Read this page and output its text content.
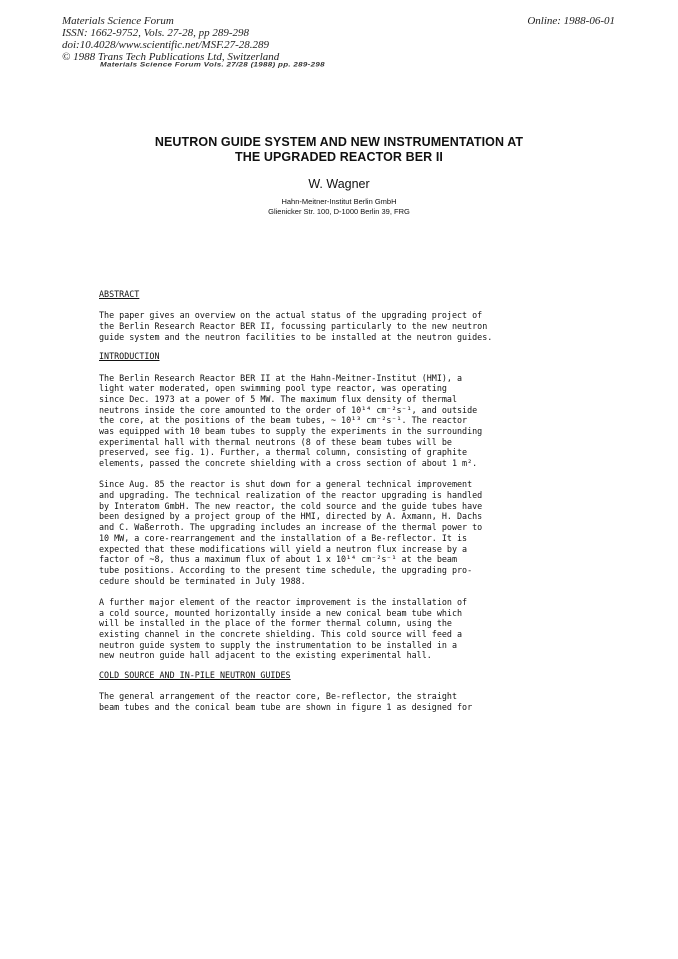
Materials Science Forum
ISSN: 1662-9752, Vols. 27-28, pp 289-298
doi:10.4028/www.scientific.net/MSF.27-28.289
© 1988 Trans Tech Publications Ltd, Switzerland
Online: 1988-06-01
Materials Science Forum Vols. 27/28 (1988) pp. 289-298
NEUTRON GUIDE SYSTEM AND NEW INSTRUMENTATION AT
THE UPGRADED REACTOR BER II
W. Wagner
Hahn-Meitner-Institut Berlin GmbH
Glienicker Str. 100, D-1000 Berlin 39, FRG
ABSTRACT
The paper gives an overview on the actual status of the upgrading project of
the Berlin Research Reactor BER II, focussing particularly to the new neutron
guide system and the neutron facilities to be installed at the neutron guides.
INTRODUCTION
The Berlin Research Reactor BER II at the Hahn-Meitner-Institut (HMI), a
light water moderated, open swimming pool type reactor, was operating
since Dec. 1973 at a power of 5 MW. The maximum flux density of thermal
neutrons inside the core amounted to the order of 10¹⁴ cm⁻²s⁻¹, and outside
the core, at the positions of the beam tubes, ~ 10¹³ cm⁻²s⁻¹. The reactor
was equipped with 10 beam tubes to supply the experiments in the surrounding
experimental hall with thermal neutrons (8 of these beam tubes will be
preserved, see fig. 1). Further, a thermal column, consisting of graphite
elements, passed the concrete shielding with a cross section of about 1 m².
Since Aug. 85 the reactor is shut down for a general technical improvement
and upgrading. The technical realization of the reactor upgrading is handled
by Interatom GmbH. The new reactor, the cold source and the guide tubes have
been designed by a project group of the HMI, directed by A. Axmann, H. Dachs
and C. Waßerroth. The upgrading includes an increase of the thermal power to
10 MW, a core-rearrangement and the installation of a Be-reflector. It is
expected that these modifications will yield a neutron flux increase by a
factor of ~8, thus a maximum flux of about 1 x 10¹⁴ cm⁻²s⁻¹ at the beam
tube positions. According to the present time schedule, the upgrading pro-
cedure should be terminated in July 1988.
A further major element of the reactor improvement is the installation of
a cold source, mounted horizontally inside a new conical beam tube which
will be installed in the place of the former thermal column, using the
existing channel in the concrete shielding. This cold source will feed a
neutron guide system to supply the instrumentation to be installed in a
new neutron guide hall adjacent to the existing experimental hall.
COLD SOURCE AND IN-PILE NEUTRON GUIDES
The general arrangement of the reactor core, Be-reflector, the straight
beam tubes and the conical beam tube are shown in figure 1 as designed for
